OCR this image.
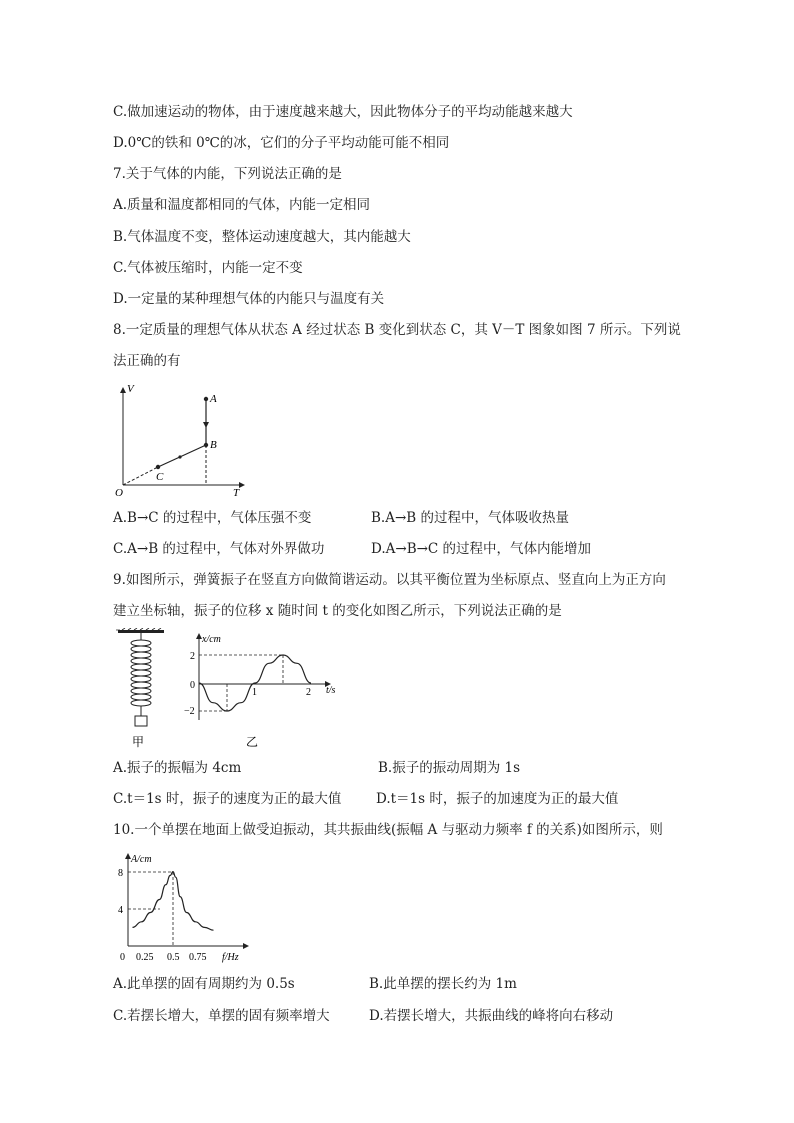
C.做加速运动的物体，由于速度越来越大，因此物体分子的平均动能越来越大
D.0℃的铁和 0℃的冰，它们的分子平均动能可能不相同
7.关于气体的内能，下列说法正确的是
A.质量和温度都相同的气体，内能一定相同
B.气体温度不变，整体运动速度越大，其内能越大
C.气体被压缩时，内能一定不变
D.一定量的某种理想气体的内能只与温度有关
8.一定质量的理想气体从状态 A 经过状态 B 变化到状态 C，其 V－T 图象如图 7 所示。下列说
法正确的有
V
T
O
A
B
C
A.B→C 的过程中，气体压强不变	B.A→B 的过程中，气体吸收热量
C.A→B 的过程中，气体对外界做功	D.A→B→C 的过程中，气体内能增加
9.如图所示，弹簧振子在竖直方向做简谐运动。以其平衡位置为坐标原点、竖直向上为正方向
建立坐标轴，振子的位移 x 随时间 t 的变化如图乙所示，下列说法正确的是
甲
x/cm
t/s
2
0
−2
1	2
乙
A.振子的振幅为 4cm	B.振子的振动周期为 1s
C.t＝1s 时，振子的速度为正的最大值	D.t＝1s 时，振子的加速度为正的最大值
10.一个单摆在地面上做受迫振动，其共振曲线(振幅 A 与驱动力频率 f 的关系)如图所示，则
A/cm
f/Hz
8
4
0 0.25 0.5 0.75
A.此单摆的固有周期约为 0.5s	B.此单摆的摆长约为 1m
C.若摆长增大，单摆的固有频率增大	D.若摆长增大，共振曲线的峰将向右移动
